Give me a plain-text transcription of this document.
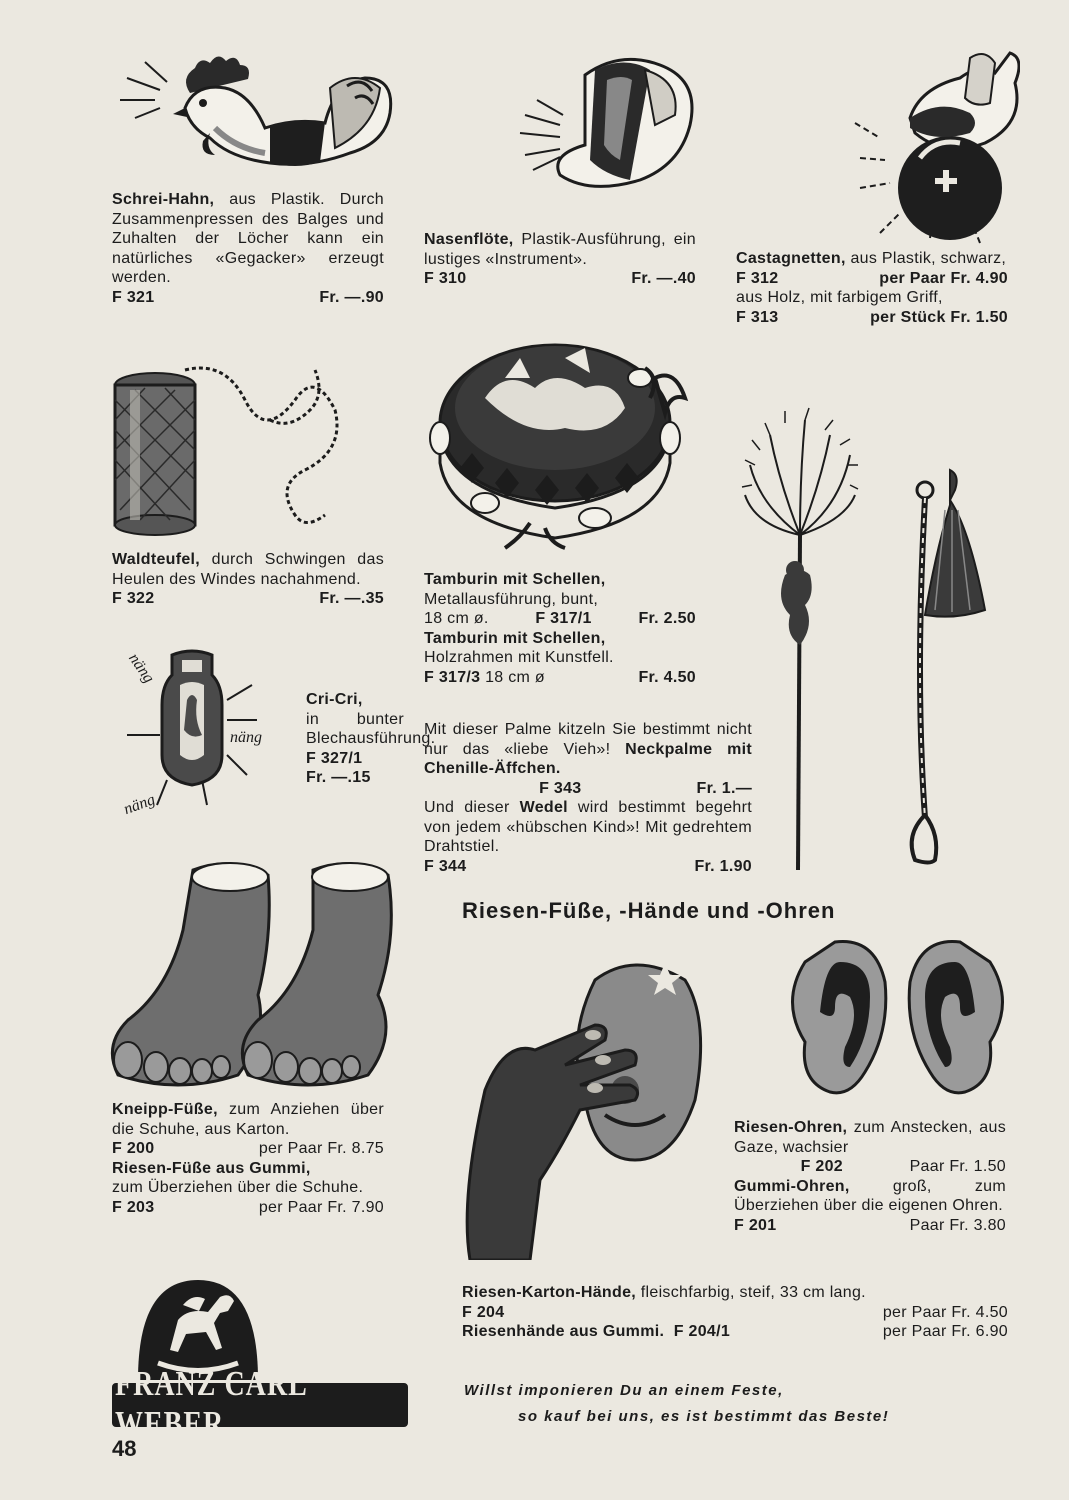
näng
näng
näng

Schrei-Hahn, aus Plastik. Durch Zusammenpressen des Balges und Zuhalten der Löcher kann ein natürliches «Gegacker» erzeugt werden.

F 321	Fr. —.90

Nasenflöte, Plastik-Ausführung, ein lustiges «Instrument».

F 310	Fr. —.40

Castagnetten, aus Plastik, schwarz,

F 312	per Paar Fr. 4.90

aus Holz, mit farbigem Griff,

F 313	per Stück Fr. 1.50

Waldteufel, durch Schwingen das Heulen des Windes nachahmend.

F 322	Fr. —.35

Tamburin mit Schellen,

Metallausführung, bunt,

18 cm ø.	F 317/1	Fr. 2.50

Tamburin mit Schellen,

Holzrahmen mit Kunstfell.

F 317/3 18 cm ø	Fr. 4.50

Cri-Cri,

in bunter Blechausführung.

F 327/1

Fr. —.15

Mit dieser Palme kitzeln Sie bestimmt nicht nur das «liebe Vieh»! Neckpalme mit Chenille-Äffchen.

F 343	Fr. 1.—

Und dieser Wedel wird bestimmt begehrt von jedem «hübschen Kind»! Mit gedrehtem Drahtstiel.

F 344	Fr. 1.90
Riesen-Füße, -Hände und -Ohren

Kneipp-Füße, zum Anziehen über die Schuhe, aus Karton.

F 200	per Paar Fr. 8.75

Riesen-Füße aus Gummi,

zum Überziehen über die Schuhe.

F 203	per Paar Fr. 7.90

Riesen-Ohren, zum Anstecken, aus Gaze, wachsier

F 202	Paar Fr. 1.50

Gummi-Ohren, groß, zum Überziehen über die eigenen Ohren.

F 201	Paar Fr. 3.80

Riesen-Karton-Hände, fleischfarbig, steif, 33 cm lang.

F 204	per Paar Fr. 4.50
Riesenhände aus Gummi. F 204/1	per Paar Fr. 6.90
Willst imponieren Du an einem Feste,
so kauf bei uns, es ist bestimmt das Beste!
FRANZ CARL WEBER
48
